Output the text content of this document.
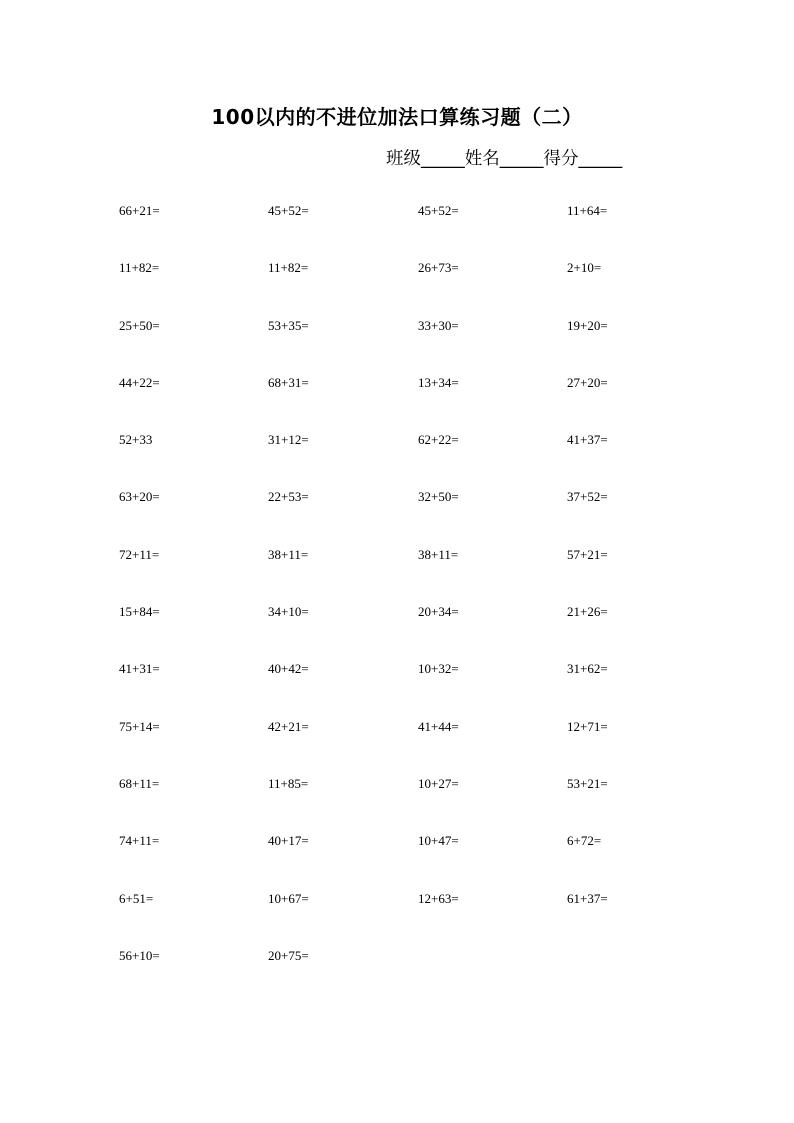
100以内的不进位加法口算练习题（二）
班级_____姓名_____得分_____
66+21=	45+52=	45+52=	11+64=
11+82=	11+82=	26+73=	2+10=
25+50=	53+35=	33+30=	19+20=
44+22=	68+31=	13+34=	27+20=
52+33	31+12=	62+22=	41+37=
63+20=	22+53=	32+50=	37+52=
72+11=	38+11=	38+11=	57+21=
15+84=	34+10=	20+34=	21+26=
41+31=	40+42=	10+32=	31+62=
75+14=	42+21=	41+44=	12+71=
68+11=	11+85=	10+27=	53+21=
74+11=	40+17=	10+47=	6+72=
6+51=	10+67=	12+63=	61+37=
56+10=	20+75=
